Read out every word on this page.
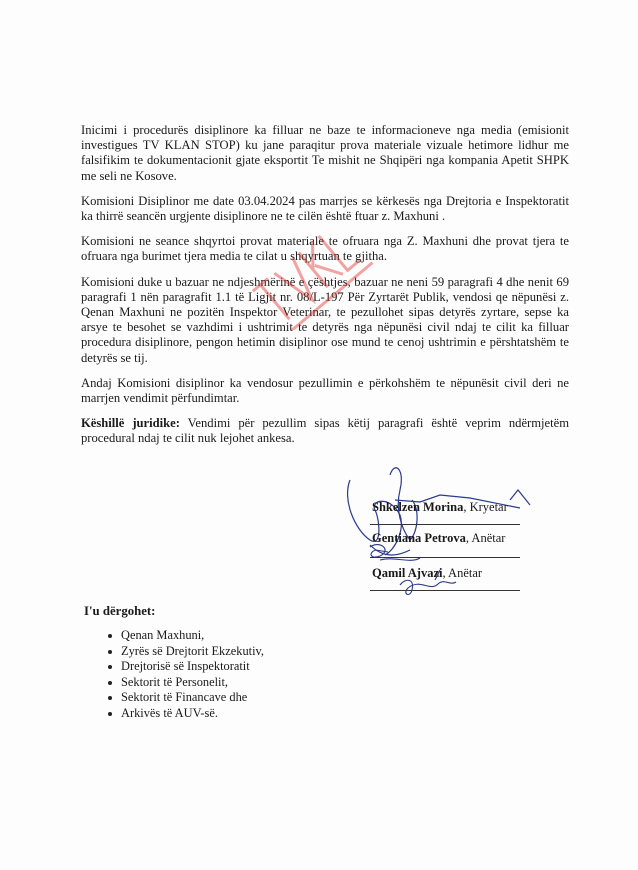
Inicimi i procedurës disiplinore ka filluar ne baze te informacioneve nga media (emisionit investigues TV KLAN STOP) ku jane paraqitur prova materiale vizuale hetimore lidhur me falsifikim te dokumentacionit gjate eksportit Te mishit ne Shqipëri nga kompania Apetit SHPK me seli ne Kosove.

Komisioni Disiplinor me date 03.04.2024 pas marrjes se kërkesës nga Drejtoria e Inspektoratit ka thirrë seancën urgjente disiplinore ne te cilën është ftuar z. Maxhuni .

Komisioni ne seance shqyrtoi provat materiale te ofruara nga Z. Maxhuni dhe provat tjera te ofruara nga burimet tjera media te cilat u shqyrtuan te gjitha.

Komisioni duke u bazuar ne ndjeshmërinë e çështjes, bazuar ne neni 59 paragrafi 4 dhe nenit 69 paragrafi 1 nën paragrafit 1.1 të Ligjit nr. 08/L-197 Për Zyrtarët Publik, vendosi qe nëpunësi z. Qenan Maxhuni ne pozitën Inspektor Veterinar, te pezullohet sipas detyrës zyrtare, sepse ka arsye te besohet se vazhdimi i ushtrimit te detyrës nga nëpunësi civil ndaj te cilit ka filluar procedura disiplinore, pengon hetimin disiplinor ose mund te cenoj ushtrimin e përshtatshëm te detyrës se tij.

Andaj Komisioni disiplinor ka vendosur pezullimin e përkohshëm te nëpunësit civil deri ne marrjen vendimit përfundimtar.

Këshillë juridike: Vendimi për pezullim sipas këtij paragrafi është veprim ndërmjetëm procedural ndaj te cilit nuk lejohet ankesa.

Shkelzen Morina, Kryetar
Gentiana Petrova, Anëtar
Qamil Ajvazi, Anëtar
I'u dërgohet:
Qenan Maxhuni,
Zyrës së Drejtorit Ekzekutiv,
Drejtorisë së Inspektoratit
Sektorit të Personelit,
Sektorit të Financave dhe
Arkivës të AUV-së.
